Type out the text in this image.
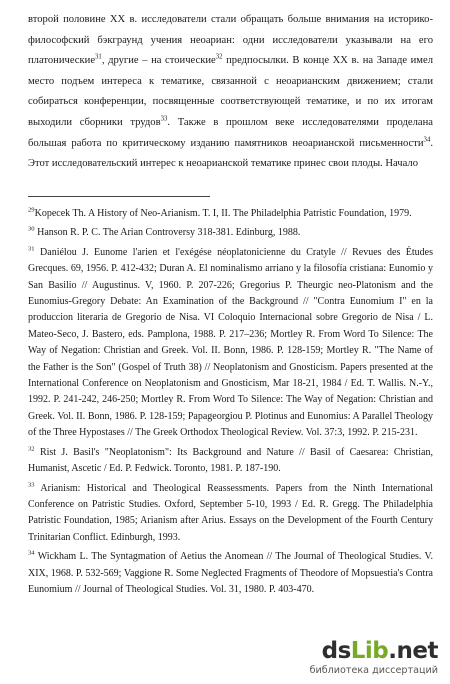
второй половине XX в. исследователи стали обращать больше внимания на историко- философский бэкграунд учения неоариан: одни исследователи указывали на его платонические$^{31}$, другие – на стоические$^{32}$ предпосылки. В конце XX в. на Западе имел место подъем интереса к тематике, связанной с неоарианским движением; стали собираться конференции, посвященные соответствующей тематике, и по их итогам выходили сборники трудов$^{33}$. Также в прошлом веке исследователями проделана большая работа по критическому изданию памятников неоарианской письменности$^{34}$. Этот исследовательский интерес к неоарианской тематике принес свои плоды. Начало

$^{29}$Kopecek Th. A History of Neo-Arianism. T. I, II. The Philadelphia Patristic Foundation, 1979.

$^{30}$ Hanson R. P. C. The Arian Controversy 318-381. Edinburg, 1988.

$^{31}$ Daniélou J. Eunome l'arien et l'exégése néoplatonicienne du Cratyle // Revues des Études Grecques. 69, 1956. P. 412-432; Duran A. El nominalismo arriano y la filosofía cristiana: Eunomio y San Basilio // Augustinus. V, 1960. P. 207-226; Gregorius P. Theurgic neo-Platonism and the Eunomius-Gregory Debate: An Examination of the Background // "Contra Eunomium I" en la produccion literaria de Gregorio de Nisa. VI Coloquio Internacional sobre Gregorio de Nisa / L. Mateo-Seco, J. Bastero, eds. Pamplona, 1988. P. 217–236; Mortley R. From Word To Silence: The Way of Negation: Christian and Greek. Vol. II. Bonn, 1986. P. 128-159; Mortley R. "The Name of the Father is the Son" (Gospel of Truth 38) // Neoplatonism and Gnosticism. Papers presented at the International Conference on Neoplatonism and Gnosticism, Mar 18-21, 1984 / Ed. T. Wallis. N.-Y., 1992. P. 241-242, 246-250; Mortley R. From Word To Silence: The Way of Negation: Christian and Greek. Vol. II. Bonn, 1986. P. 128-159; Papageorgiou P. Plotinus and Eunomius: A Parallel Theology of the Three Hypostases // The Greek Orthodox Theological Review. Vol. 37:3, 1992. P. 215-231.

$^{32}$ Rist J. Basil's "Neoplatonism": Its Background and Nature // Basil of Caesarea: Christian, Humanist, Ascetic / Ed. P. Fedwick. Toronto, 1981. P. 187-190.

$^{33}$ Arianism: Historical and Theological Reassessments. Papers from the Ninth International Conference on Patristic Studies. Oxford, September 5-10, 1993 / Ed. R. Gregg. The Philadelphia Patristic Foundation, 1985; Arianism after Arius. Essays on the Development of the Fourth Century Trinitarian Conflict. Edinburgh, 1993.

$^{34}$ Wickham L. The Syntagmation of Aetius the Anomean // The Journal of Theological Studies. V. XIX, 1968. P. 532-569; Vaggione R. Some Neglected Fragments of Theodore of Mopsuestia's Contra Eunomium // Journal of Theological Studies. Vol. 31, 1980. P. 403-470.

dsLib.net
библиотека диссертаций
